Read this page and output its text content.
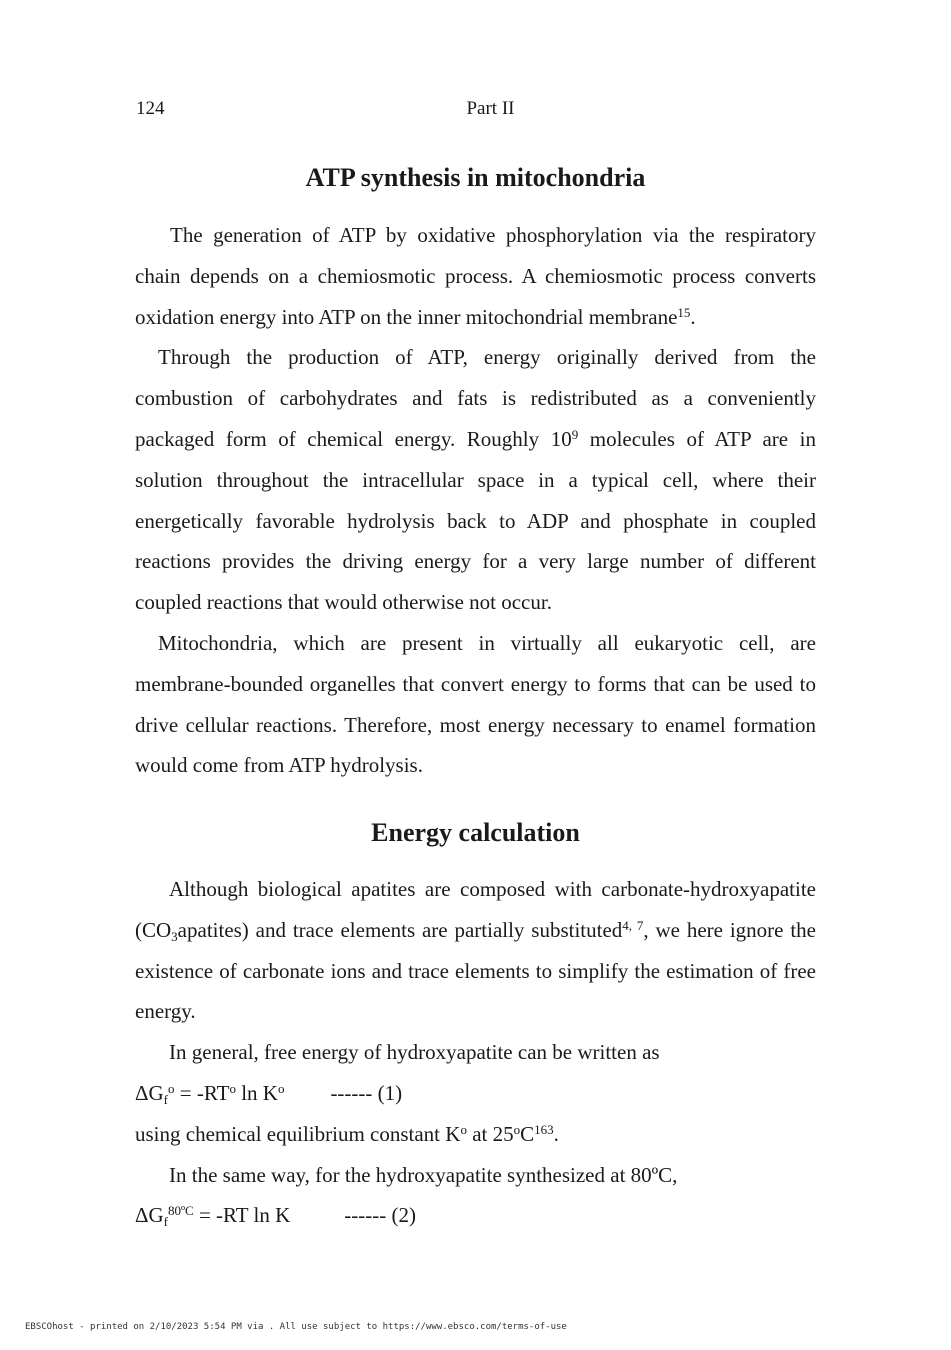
124	Part II
ATP synthesis in mitochondria

The generation of ATP by oxidative phosphorylation via the respiratory chain depends on a chemiosmotic process. A chemiosmotic process converts oxidation energy into ATP on the inner mitochondrial membrane$^{15}$.

Through the production of ATP, energy originally derived from the combustion of carbohydrates and fats is redistributed as a conveniently packaged form of chemical energy. Roughly $10^9$ molecules of ATP are in solution throughout the intracellular space in a typical cell, where their energetically favorable hydrolysis back to ADP and phosphate in coupled reactions provides the driving energy for a very large number of different coupled reactions that would otherwise not occur.

Mitochondria, which are present in virtually all eukaryotic cell, are membrane-bounded organelles that convert energy to forms that can be used to drive cellular reactions. Therefore, most energy necessary to enamel formation would come from ATP hydrolysis.

Energy calculation

Although biological apatites are composed with carbonate-hydroxyapatite $(CO_3apatites)$ and trace elements are partially substituted$^{4, 7}$, we here ignore the existence of carbonate ions and trace elements to simplify the estimation of free energy.

In general, free energy of hydroxyapatite can be written as

$\Delta G_f^o = -RT^o$ $\ln K^o$ ------ (1)

using chemical equilibrium constant $K^o$ at $25^oC^{163}$.

In the same way, for the hydroxyapatite synthesized at 80ºC,

$\Delta G_f^{80ºC} = -RT$ ln K	------ (2)

EBSCOhost - printed on 2/10/2023 5:54 PM via . All use subject to https://www.ebsco.com/terms-of-use
